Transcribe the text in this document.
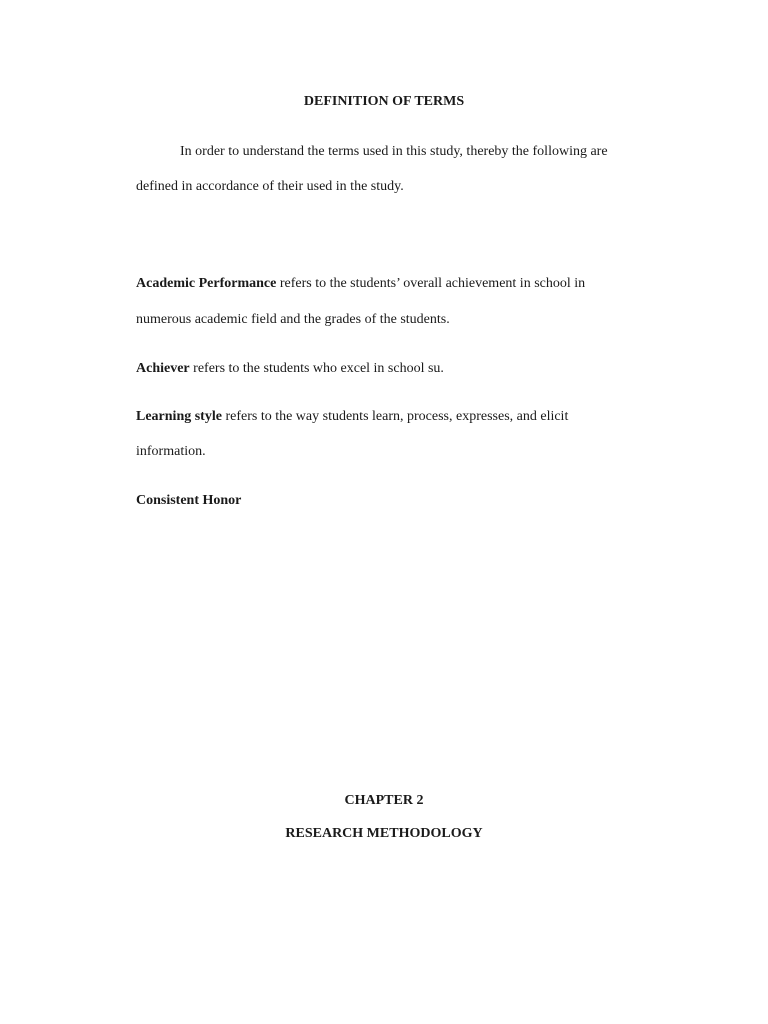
DEFINITION OF TERMS

In order to understand the terms used in this study, thereby the following are

defined in accordance of their used in the study.

Academic Performance refers to the students’ overall achievement in school in

numerous academic field and the grades of the students.

Achiever refers to the students who excel in school su.

Learning style refers to the way students learn, process, expresses, and elicit

information.

Consistent Honor

CHAPTER 2
RESEARCH METHODOLOGY
